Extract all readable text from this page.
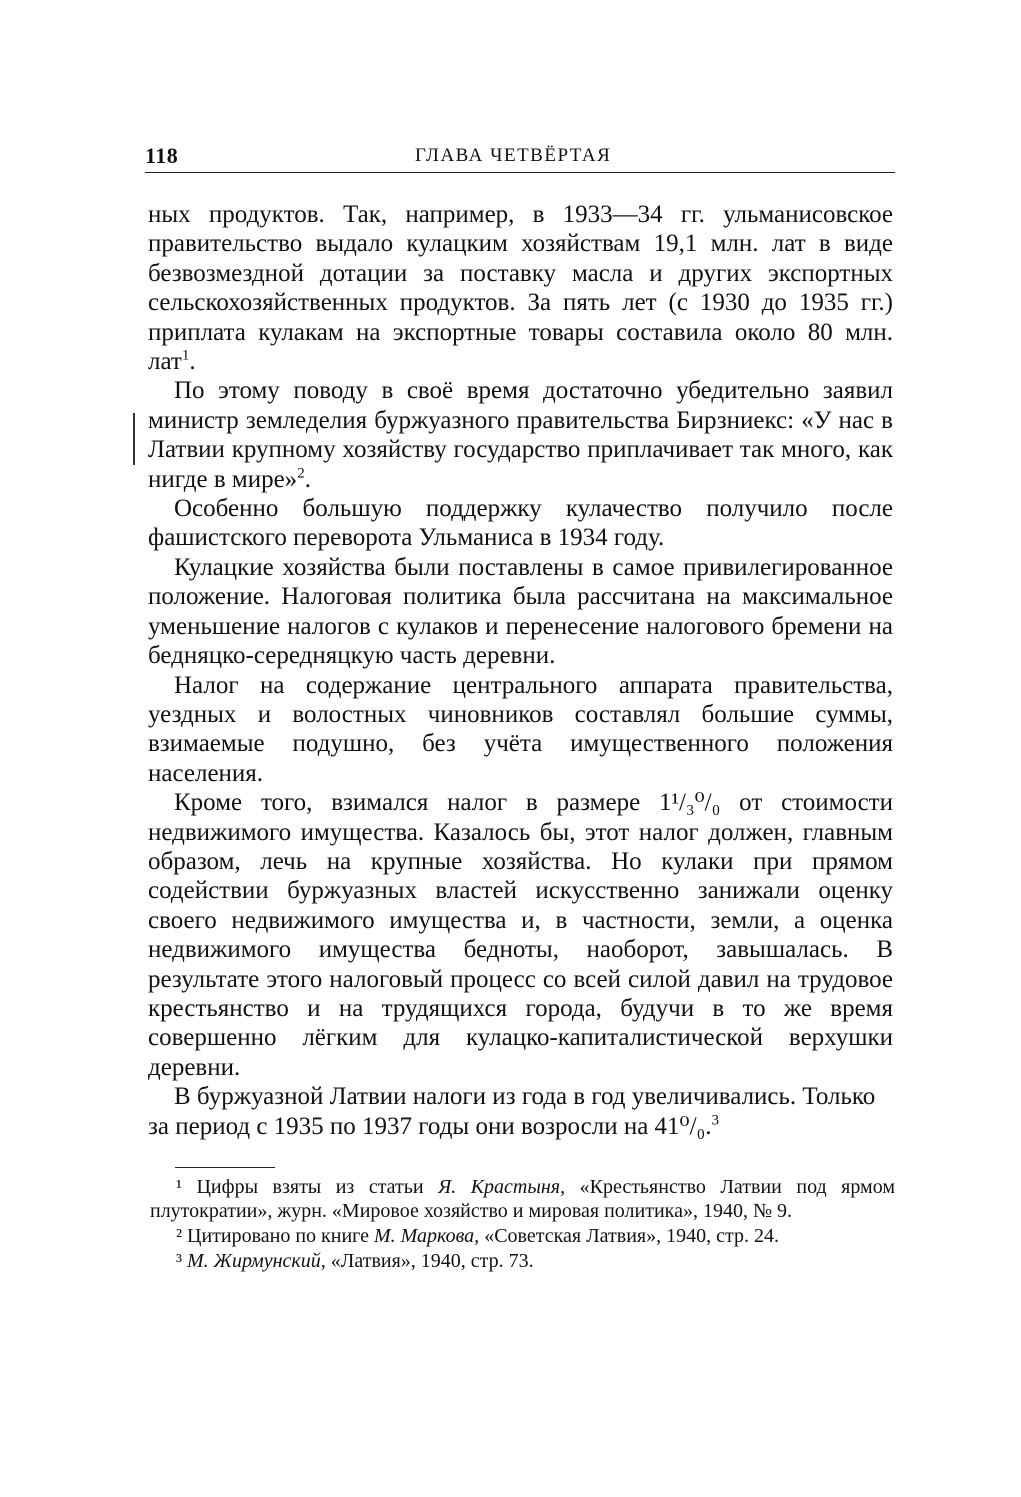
118	ГЛАВА ЧЕТВЁРТАЯ

ных продуктов. Так, например, в 1933—34 гг. ульманисовское правительство выдало кулацким хозяйствам 19,1 млн. лат в виде безвозмездной дотации за поставку масла и других экспортных сельскохозяйственных продуктов. За пять лет (с 1930 до 1935 гг.) приплата кулакам на экспортные товары составила около 80 млн. лат$^1$.

По этому поводу в своё время достаточно убедительно заявил министр земледелия буржуазного правительства Бирзниекс: «У нас в Латвии крупному хозяйству государство приплачивает так много, как нигде в мире»$^2$.

Особенно большую поддержку кулачество получило после фашистского переворота Ульманиса в 1934 году.

Кулацкие хозяйства были поставлены в самое привилегированное положение. Налоговая политика была рассчитана на максимальное уменьшение налогов с кулаков и перенесение налогового бремени на бедняцко-середняцкую часть деревни.

Налог на содержание центрального аппарата правительства, уездных и волостных чиновников составлял большие суммы, взимаемые подушно, без учёта имущественного положения населения.

Кроме того, взимался налог в размере 1¹/₃⁰/₀ от стоимости недвижимого имущества. Казалось бы, этот налог должен, главным образом, лечь на крупные хозяйства. Но кулаки при прямом содействии буржуазных властей искусственно занижали оценку своего недвижимого имущества и, в частности, земли, а оценка недвижимого имущества бедноты, наоборот, завышалась. В результате этого налоговый процесс со всей силой давил на трудовое крестьянство и на трудящихся города, будучи в то же время совершенно лёгким для кулацко-капиталистической верхушки деревни.

В буржуазной Латвии налоги из года в год увеличивались. Только за период с 1935 по 1937 годы они возросли на 41⁰/₀.$^3$

¹ Цифры взяты из статьи Я. Крастыня, «Крестьянство Латвии под ярмом плутократии», журн. «Мировое хозяйство и мировая политика», 1940, № 9.

² Цитировано по книге М. Маркова, «Советская Латвия», 1940, стр. 24.

³ М. Жирмунский, «Латвия», 1940, стр. 73.
